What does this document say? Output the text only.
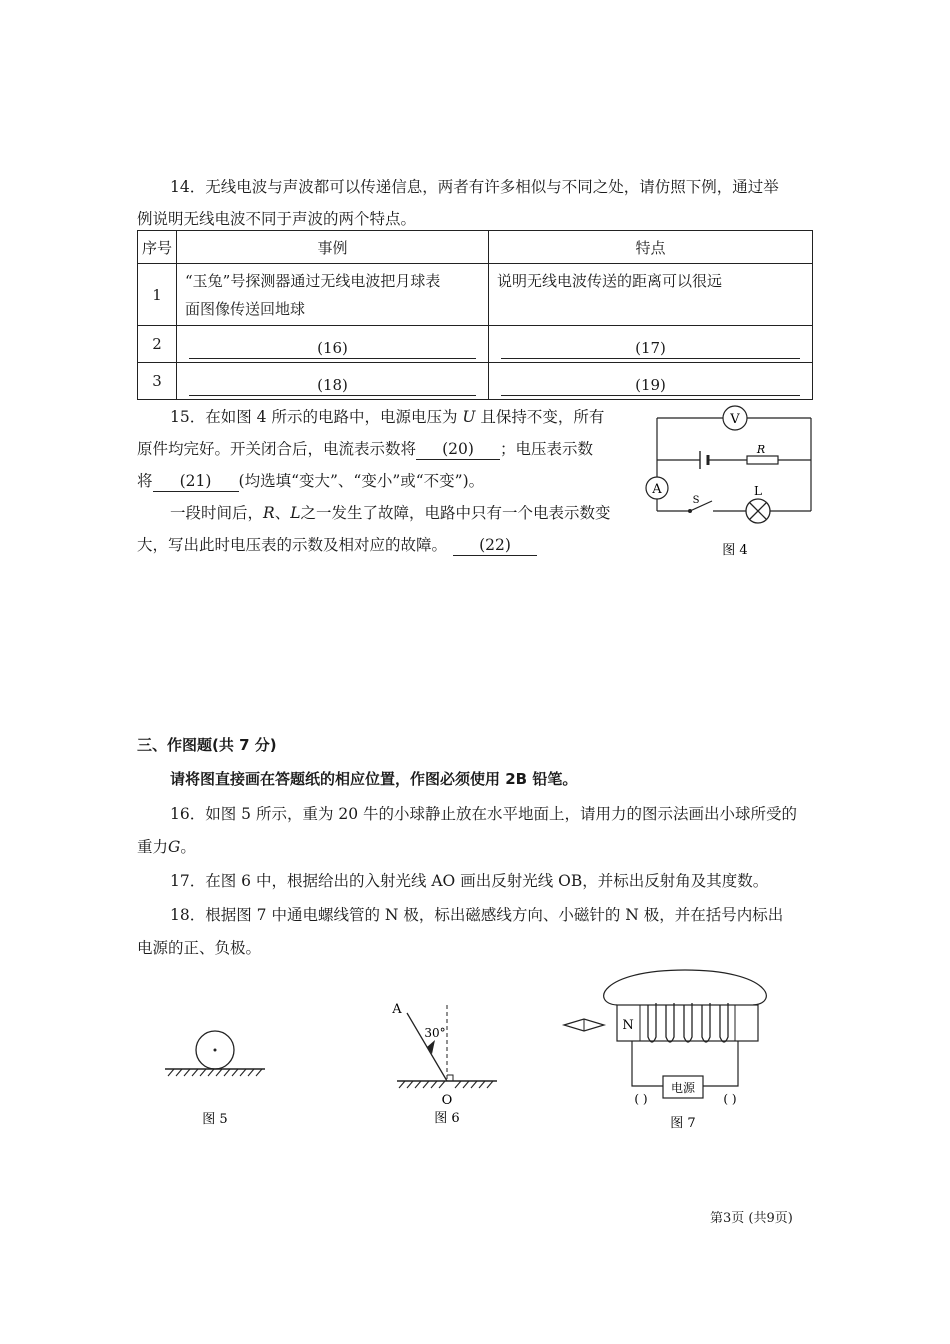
14．无线电波与声波都可以传递信息，两者有许多相似与不同之处，请仿照下例，通过举
例说明无线电波不同于声波的两个特点。
序号	事例	特点
1	“玉兔”号探测器通过无线电波把月球表
面图像传送回地球	说明无线电波传送的距离可以很远
2	(16)	(17)

3	(18)	(19)
15．在如图 4 所示的电路中，电源电压为 U 且保持不变，所有
原件均完好。开关闭合后，电流表示数将 (20) ；电压表示数
将 (21) (均选填“变大”、“变小”或“不变”)。
一段时间后，R、L之一发生了故障，电路中只有一个电表示数变
大，写出此时电压表的示数及相对应的故障。 (22)
V
R
A
S
L
图 4
三、作图题(共 7 分)
请将图直接画在答题纸的相应位置，作图必须使用 2B 铅笔。
16．如图 5 所示，重为 20 牛的小球静止放在水平地面上，请用力的图示法画出小球所受的
重力G。
17．在图 6 中，根据给出的入射光线 AO 画出反射光线 OB，并标出反射角及其度数。
18．根据图 7 中通电螺线管的 N 极，标出磁感线方向、小磁针的 N 极，并在括号内标出
电源的正、负极。
图 5
A
30°
O
图 6
N
电源
( )	( )
图 7
第3页 (共9页)
